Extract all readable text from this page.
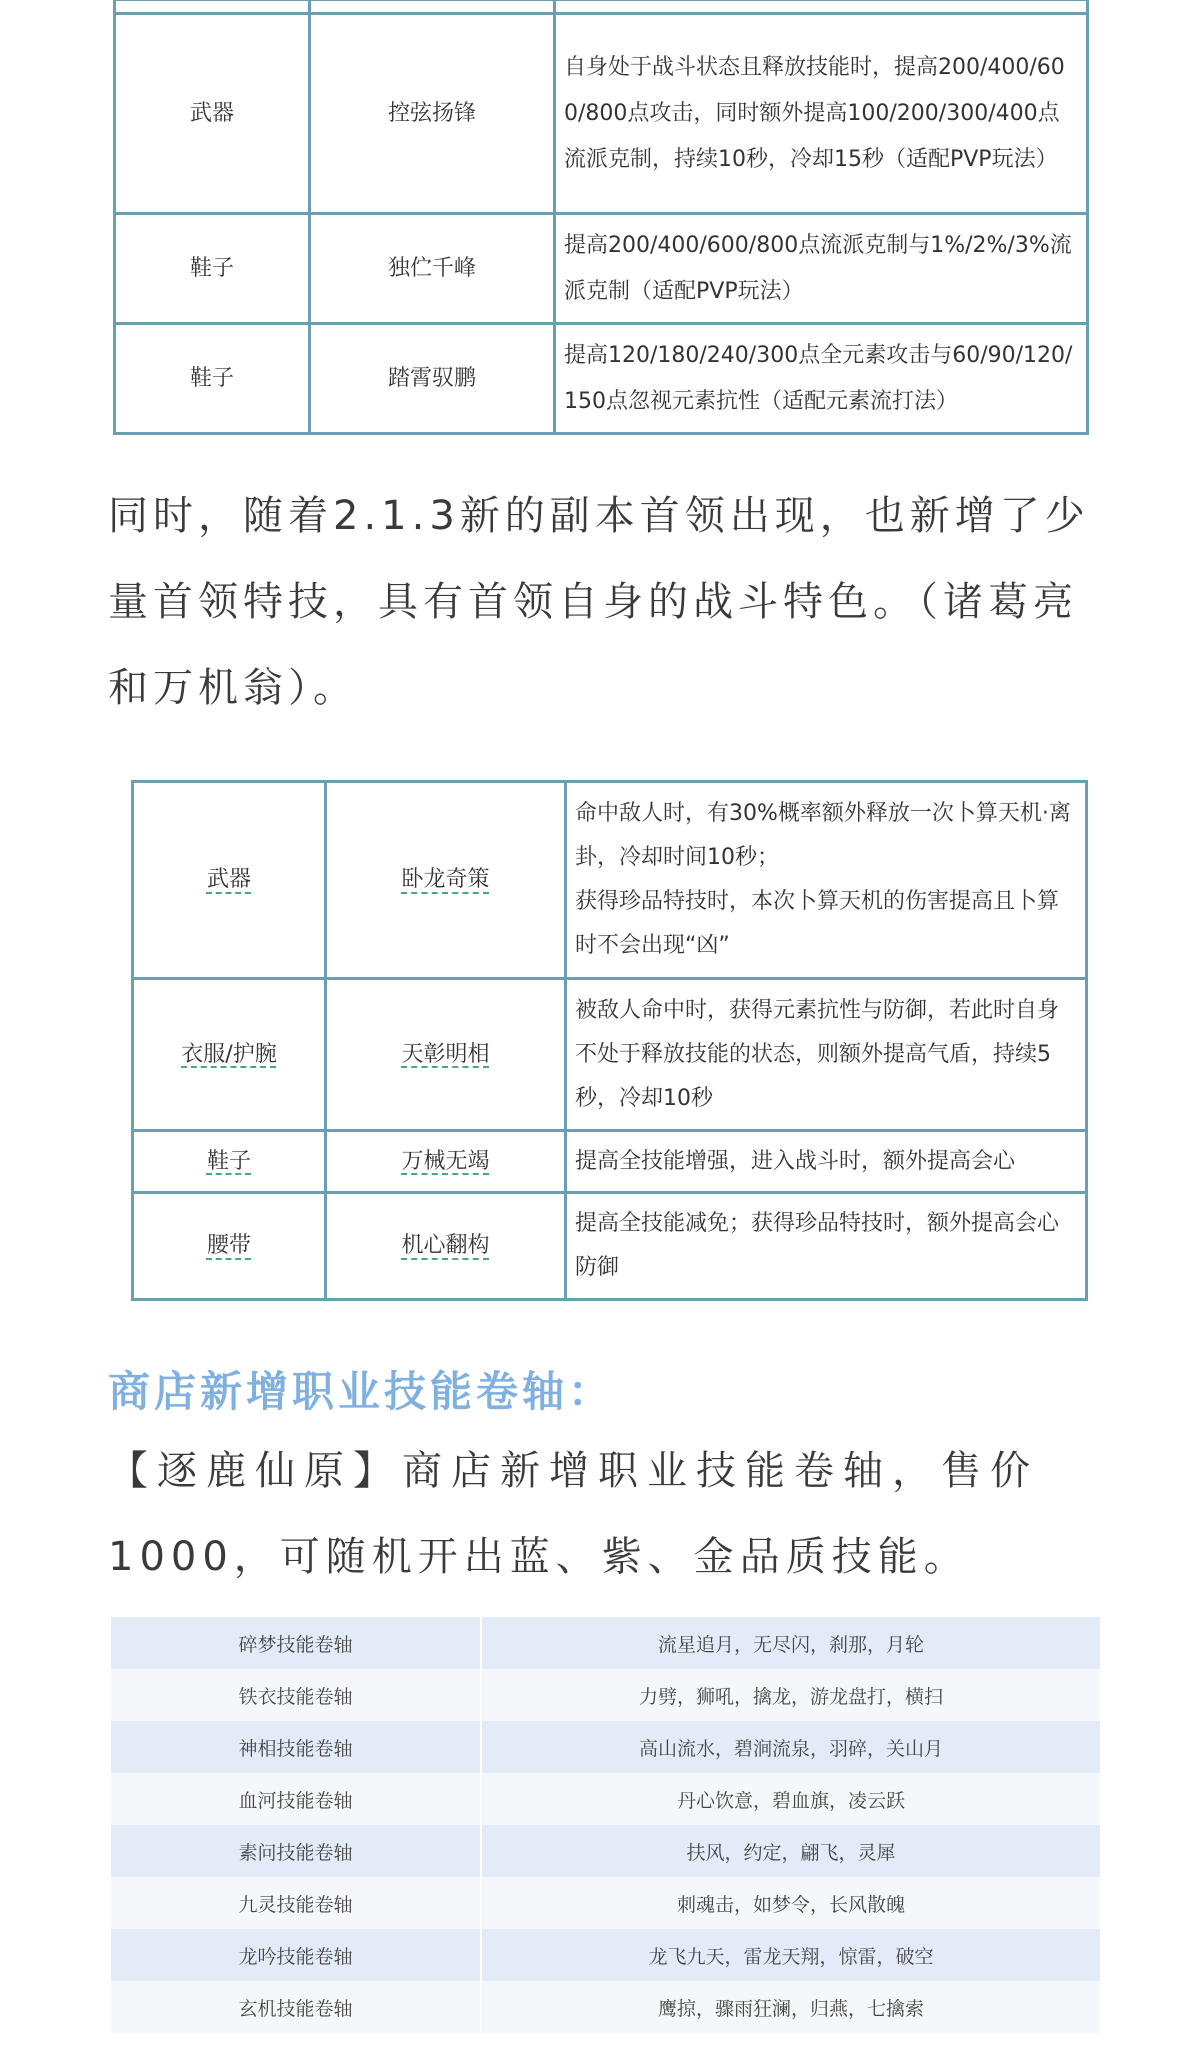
武器	控弦扬锋	自身处于战斗状态且释放技能时，提高200/400/600/800点攻击，同时额外提高100/200/300/400点流派克制，持续10秒，冷却15秒（适配PVP玩法）
鞋子	独伫千峰	提高200/400/600/800点流派克制与1%/2%/3%流派克制（适配PVP玩法）
鞋子	踏霄驭鹏	提高120/180/240/300点全元素攻击与60/90/120/150点忽视元素抗性（适配元素流打法）
同时，随着2.1.3新的副本首领出现，也新增了少
量首领特技，具有首领自身的战斗特色。（诸葛亮
和万机翁）。
武器	卧龙奇策	命中敌人时，有30%概率额外释放一次卜算天机·离卦，冷却时间10秒；
获得珍品特技时，本次卜算天机的伤害提高且卜算时不会出现“凶”

衣服/护腕	天彰明相	被敌人命中时，获得元素抗性与防御，若此时自身不处于释放技能的状态，则额外提高气盾，持续5秒，冷却10秒
鞋子	万械无竭	提高全技能增强，进入战斗时，额外提高会心
腰带	机心翻构	提高全技能减免；获得珍品特技时，额外提高会心防御
商店新增职业技能卷轴：
【逐鹿仙原】商店新增职业技能卷轴，售价
1000，可随机开出蓝、紫、金品质技能。
碎梦技能卷轴	流星追月，无尽闪，刹那，月轮
铁衣技能卷轴	力劈，狮吼，擒龙，游龙盘打，横扫
神相技能卷轴	高山流水，碧涧流泉，羽碎，关山月
血河技能卷轴	丹心饮意，碧血旗，凌云跃
素问技能卷轴	扶风，约定，翩飞，灵犀
九灵技能卷轴	刺魂击，如梦令，长风散魄
龙吟技能卷轴	龙飞九天，雷龙天翔，惊雷，破空
玄机技能卷轴	鹰掠，骤雨狂澜，归燕，七擒索
